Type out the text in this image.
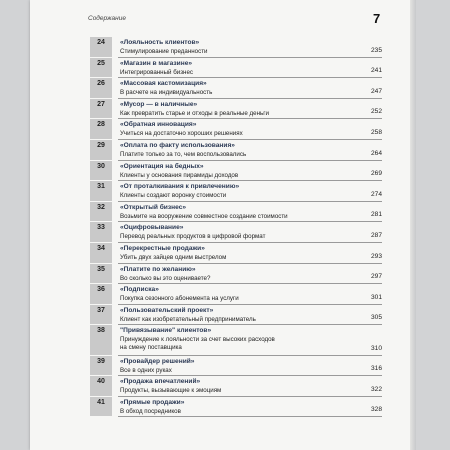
Содержание	7
24	«Лояльность клиентов»
Стимулирование преданности	235
25	«Магазин в магазине»
Интегрированный бизнес	241
26	«Массовая кастомизация»
В расчете на индивидуальность	247
27	«Мусор — в наличные»
Как превратить старье и отходы в реальные деньги	252
28	«Обратная инновация»
Учиться на достаточно хороших решениях	258
29	«Оплата по факту использования»
Платите только за то, чем воспользовались	264
30	«Ориентация на бедных»
Клиенты у основания пирамиды доходов	269
31	«От проталкивания к привлечению»
Клиенты создают воронку стоимости	274
32	«Открытый бизнес»
Возьмите на вооружение совместное создание стоимости	281
33	«Оцифровывание»
Перевод реальных продуктов в цифровой формат	287
34	«Перекрестные продажи»
Убить двух зайцев одним выстрелом	293
35	«Платите по желанию»
Во сколько вы это оцениваете?	297
36	«Подписка»
Покупка сезонного абонемента на услуги	301
37	«Пользовательский проект»
Клиент как изобретательный предприниматель	305
38	"Привязывание" клиентов»
Принуждение к лояльности за счет высоких расходов
на смену поставщика	310
39	«Провайдер решений»
Все в одних руках	316
40	«Продажа впечатлений»
Продукты, вызывающие к эмоциям	322
41	«Прямые продажи»
В обход посредников	328
